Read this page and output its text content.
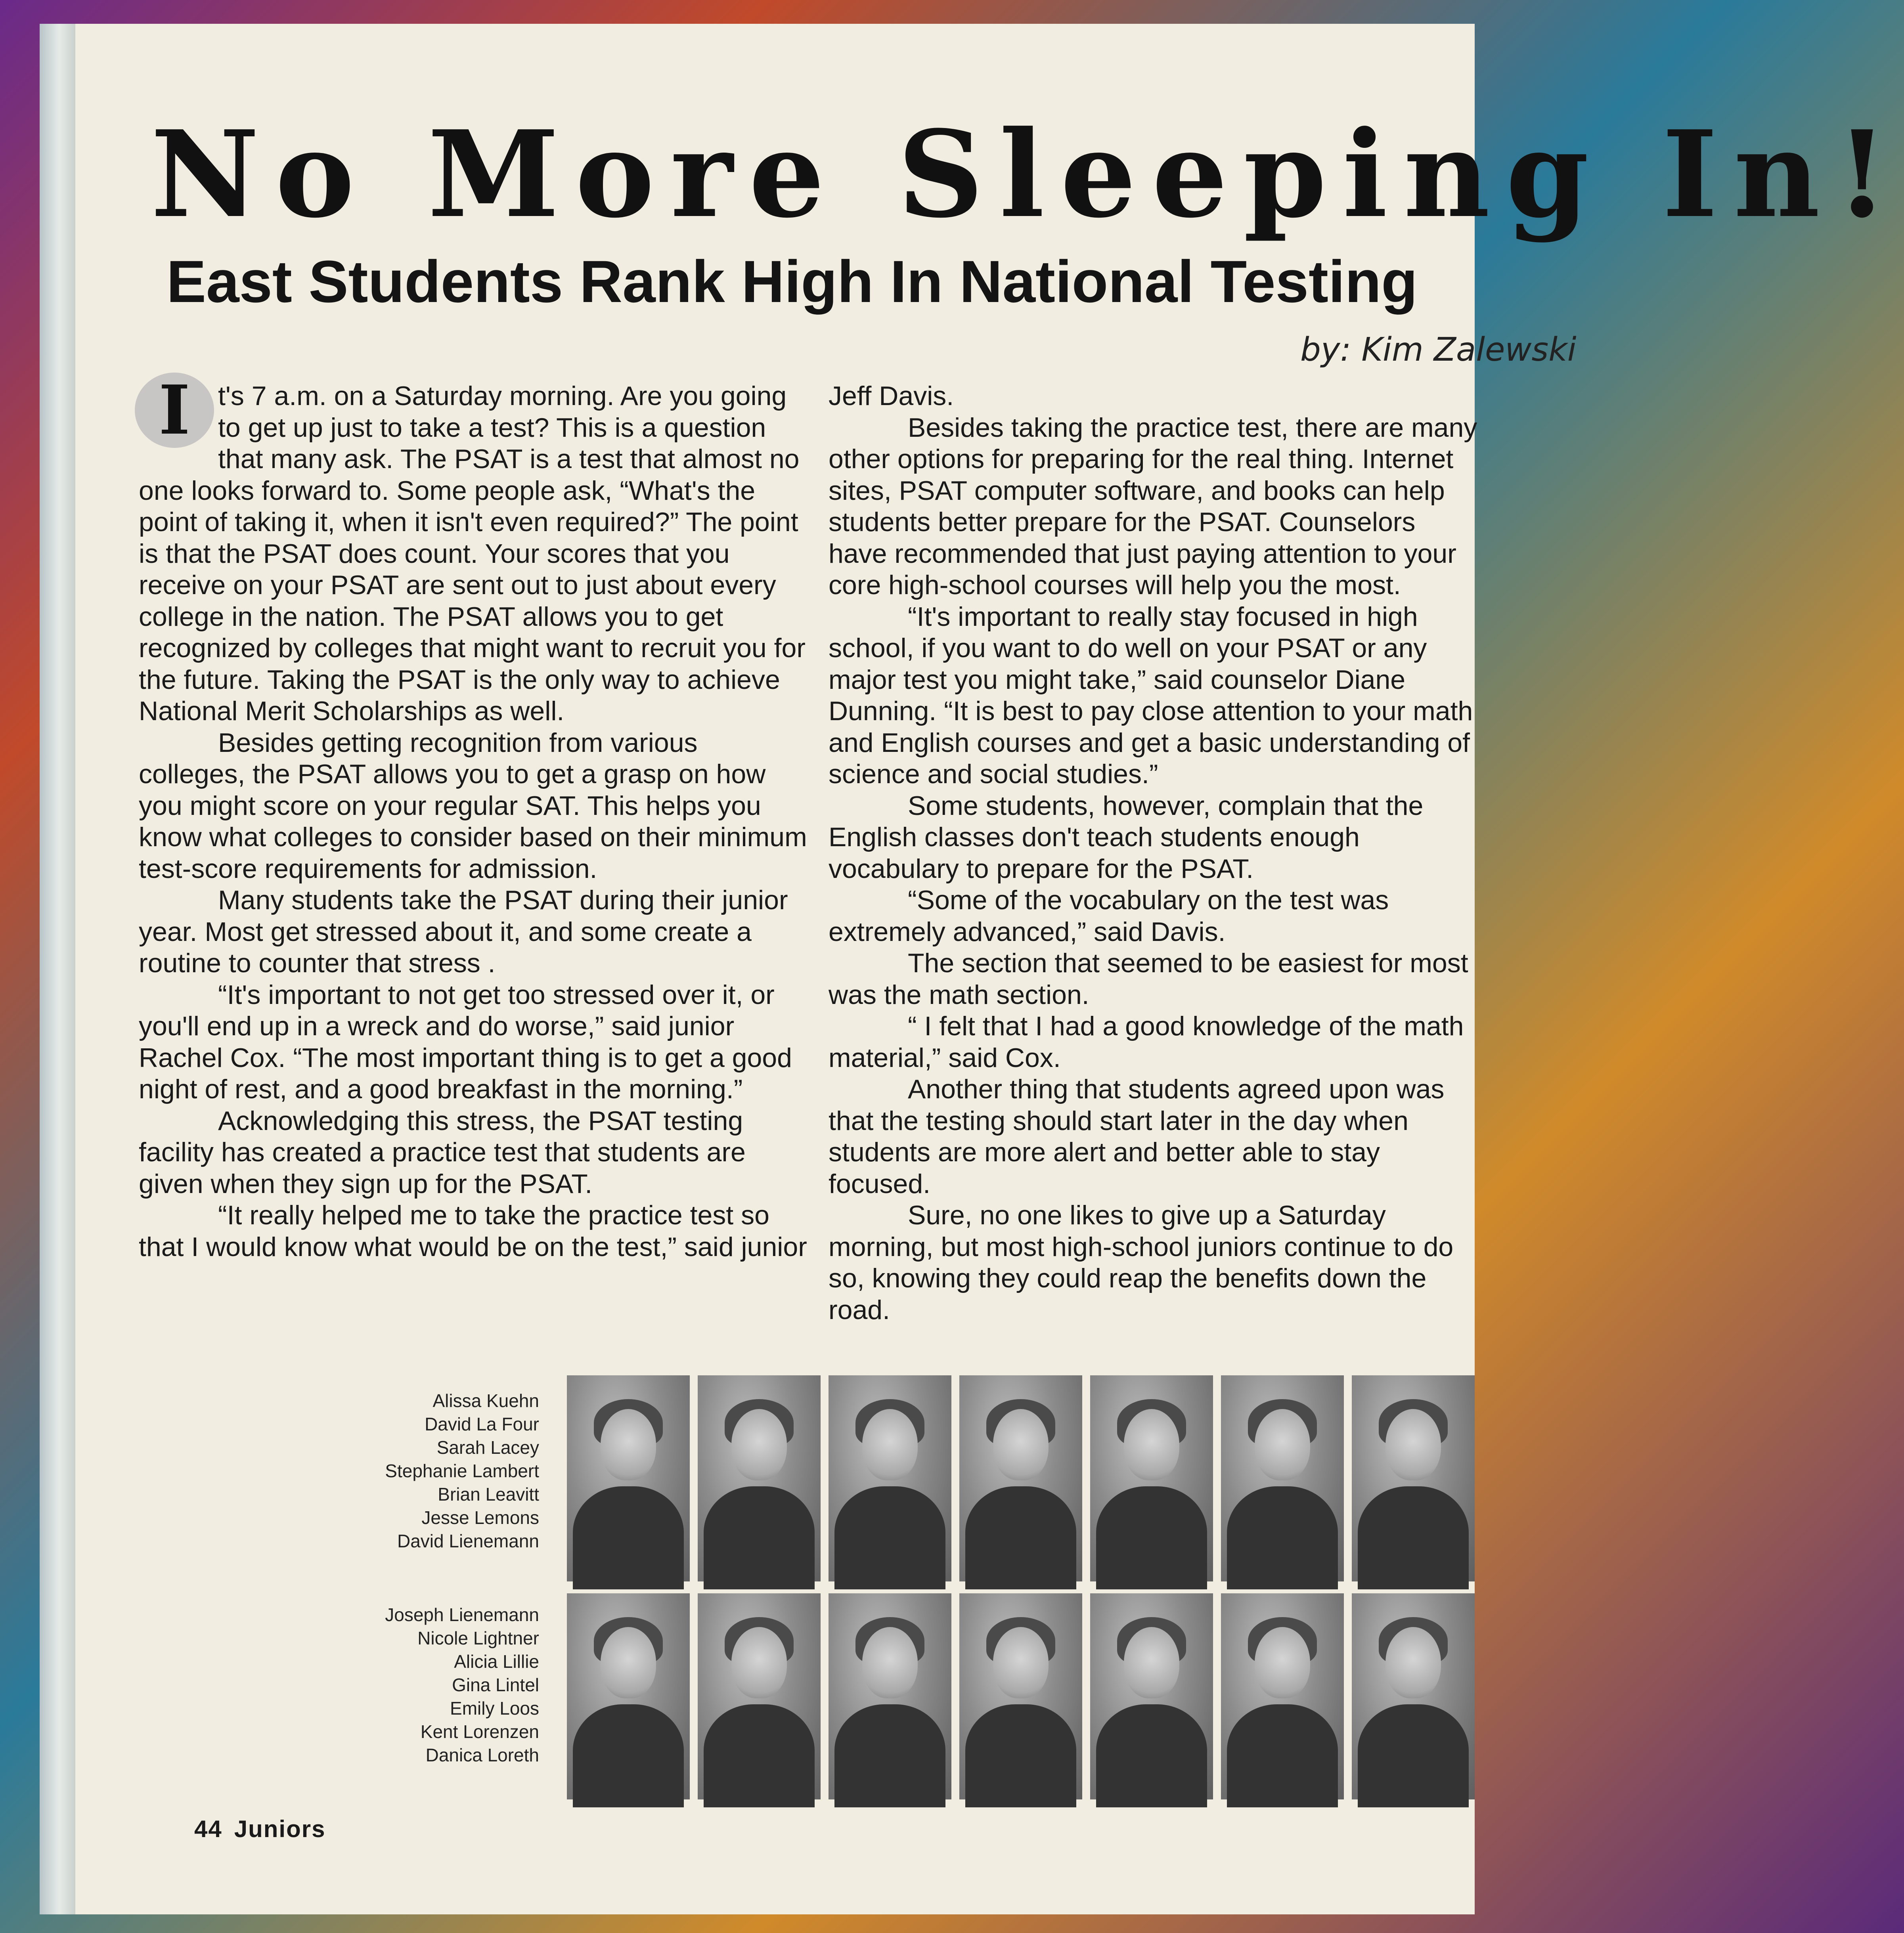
No More Sleeping In!
East Students Rank High In National Testing
by: Kim Zalewski

I	t's 7 a.m. on a Saturday morning. Are you going to get up just to take a test? This is a question that many ask. The PSAT is a test that almost no one looks forward to. Some people ask, “What's the point of taking it, when it isn't even required?” The point is that the PSAT does count. Your scores that you receive on your PSAT are sent out to just about every college in the nation. The PSAT allows you to get recognized by colleges that might want to recruit you for the future. Taking the PSAT is the only way to achieve National Merit Scholarships as well.

Besides getting recognition from various colleges, the PSAT allows you to get a grasp on how you might score on your regular SAT. This helps you know what colleges to consider based on their minimum test-score requirements for admission.

Many students take the PSAT during their junior year. Most get stressed about it, and some create a routine to counter that stress .

“It's important to not get too stressed over it, or you'll end up in a wreck and do worse,” said junior Rachel Cox. “The most important thing is to get a good night of rest, and a good breakfast in the morning.”

Acknowledging this stress, the PSAT testing facility has created a practice test that students are given when they sign up for the PSAT.

“It really helped me to take the practice test so that I would know what would be on the test,” said junior

Jeff Davis.

Besides taking the practice test, there are many other options for preparing for the real thing. Internet sites, PSAT computer software, and books can help students better prepare for the PSAT. Counselors have recommended that just paying attention to your core high-school courses will help you the most.

“It's important to really stay focused in high school, if you want to do well on your PSAT or any major test you might take,” said counselor Diane Dunning. “It is best to pay close attention to your math and English courses and get a basic understanding of science and social studies.”

Some students, however, complain that the English classes don't teach students enough vocabulary to prepare for the PSAT.

“Some of the vocabulary on the test was extremely advanced,” said Davis.

The section that seemed to be easiest for most was the math section.

“ I felt that I had a good knowledge of the math material,” said Cox.

Another thing that students agreed upon was that the testing should start later in the day when students are more alert and better able to stay focused.

Sure, no one likes to give up a Saturday morning, but most high-school juniors continue to do so, knowing they could reap the benefits down the road.

Alissa Kuehn
David La Four
Sarah Lacey
Stephanie Lambert
Brian Leavitt
Jesse Lemons
David Lienemann
Joseph Lienemann
Nicole Lightner
Alicia Lillie
Gina Lintel
Emily Loos
Kent Lorenzen
Danica Loreth
44 Juniors
